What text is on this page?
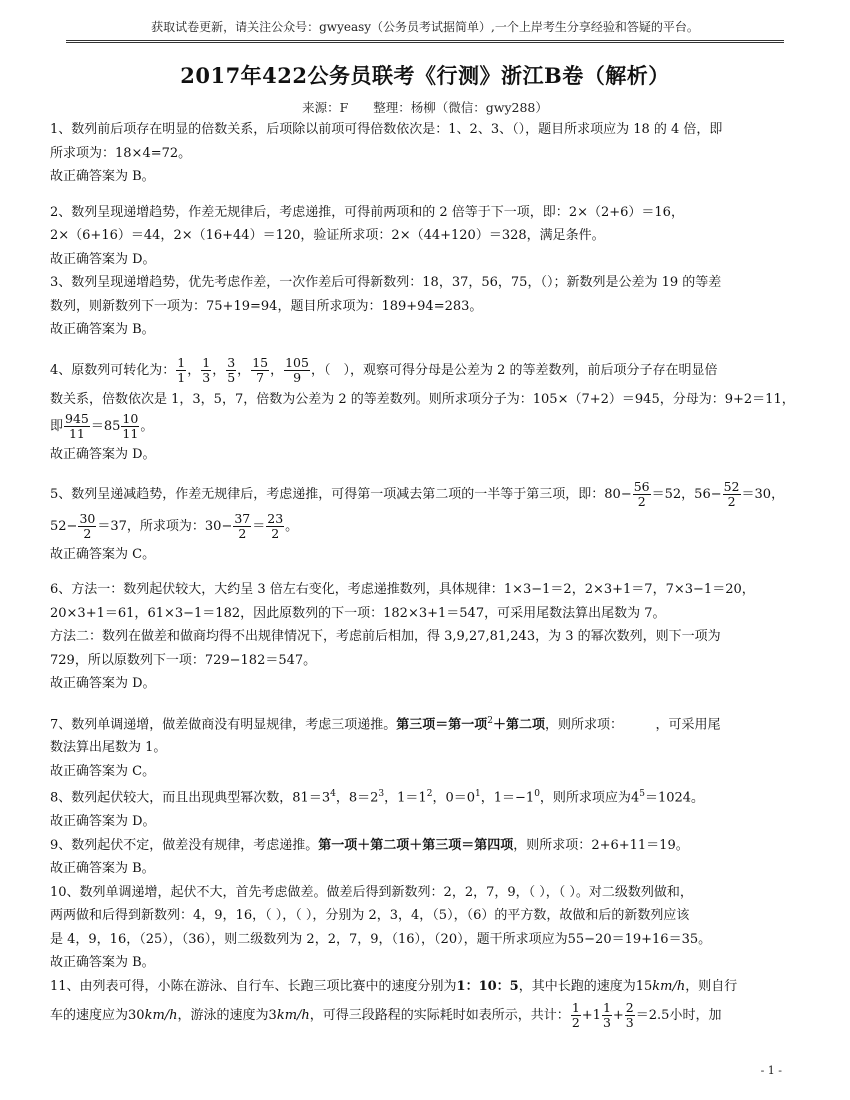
获取试卷更新，请关注公众号：gwyeasy（公务员考试据简单）,一个上岸考生分享经验和答疑的平台。
2017年422公务员联考《行测》浙江B卷（解析）
来源：F　　整理：杨柳（微信：gwy288）

1、数列前后项存在明显的倍数关系，后项除以前项可得倍数依次是：1、2、3、（），题目所求项应为 18 的 4 倍，即

所求项为：18×4=72。

故正确答案为 B。

2、数列呈现递增趋势，作差无规律后，考虑递推，可得前两项和的 2 倍等于下一项，即：2×（2+6）＝16，

2×（6+16）＝44，2×（16+44）＝120，验证所求项：2×（44+120）＝328，满足条件。

故正确答案为 D。

3、数列呈现递增趋势，优先考虑作差，一次作差后可得新数列：18，37，56，75，（）；新数列是公差为 19 的等差

数列，则新数列下一项为：75+19=94，题目所求项为：189+94=283。

故正确答案为 B。

4、原数列可转化为： $\frac{1}{1}$ ， $\frac{1}{3}$ ， $\frac{3}{5}$ ， $\frac{15}{7}$ ， $\frac{105}{9}$ ，（　），观察可得分母是公差为 2 的等差数列，前后项分子存在明显倍

数关系，倍数依次是 1，3，5，7，倍数为公差为 2 的等差数列。则所求项分子为：105×（7+2）＝945，分母为：9+2＝11，

即 $\frac{945}{11} =85 \frac{10}{11}$ 。

故正确答案为 D。

5、数列呈递减趋势，作差无规律后，考虑递推，可得第一项减去第二项的一半等于第三项，即：$80- \frac{56}{2} =52$，$56- \frac{52}{2} =30$，

$52- \frac{30}{2} =37$，所求项为：$30- \frac{37}{2} = \frac{23}{2}$ 。

故正确答案为 C。

6、方法一：数列起伏较大，大约呈 3 倍左右变化，考虑递推数列，具体规律：1×3−1＝2，2×3+1＝7，7×3−1＝20，

20×3+1＝61，61×3−1＝182，因此原数列的下一项：182×3+1＝547，可采用尾数法算出尾数为 7。

方法二：数列在做差和做商均得不出规律情况下，考虑前后相加，得 3,9,27,81,243，为 3 的幂次数列，则下一项为

729，所以原数列下一项：729−182＝547。

故正确答案为 D。

7、数列单调递增，做差做商没有明显规律，考虑三项递推。第三项＝第一项$^2$＋第二项，则所求项：　　　，可采用尾

数法算出尾数为 1。

故正确答案为 C。

8、数列起伏较大，而且出现典型幂次数，$81=3^4$，$8=2^3$，$1=1^2$，$0=0^1$，$1=-1^0$，则所求项应为$4^5=1024$。

故正确答案为 D。

9、数列起伏不定，做差没有规律，考虑递推。第一项＋第二项＋第三项＝第四项，则所求项：2+6+11＝19。

故正确答案为 B。

10、数列单调递增，起伏不大，首先考虑做差。做差后得到新数列：2，2，7，9，（ ），（ ）。对二级数列做和，

两两做和后得到新数列：4，9，16，（ ），（ ），分别为 2，3，4，（5），（6）的平方数，故做和后的新数列应该

是 4，9，16，（25），（36），则二级数列为 2，2，7，9，（16），（20），题干所求项应为55−20＝19+16＝35。

故正确答案为 B。

11、由列表可得，小陈在游泳、自行车、长跑三项比赛中的速度分别为1：10：5，其中长跑的速度为15km/h，则自行

车的速度应为30km/h，游泳的速度为3km/h，可得三段路程的实际耗时如表所示，共计： $\frac{1}{2} +1 \frac{1}{3} + \frac{2}{3} =2.5$小时，加

- 1 -
